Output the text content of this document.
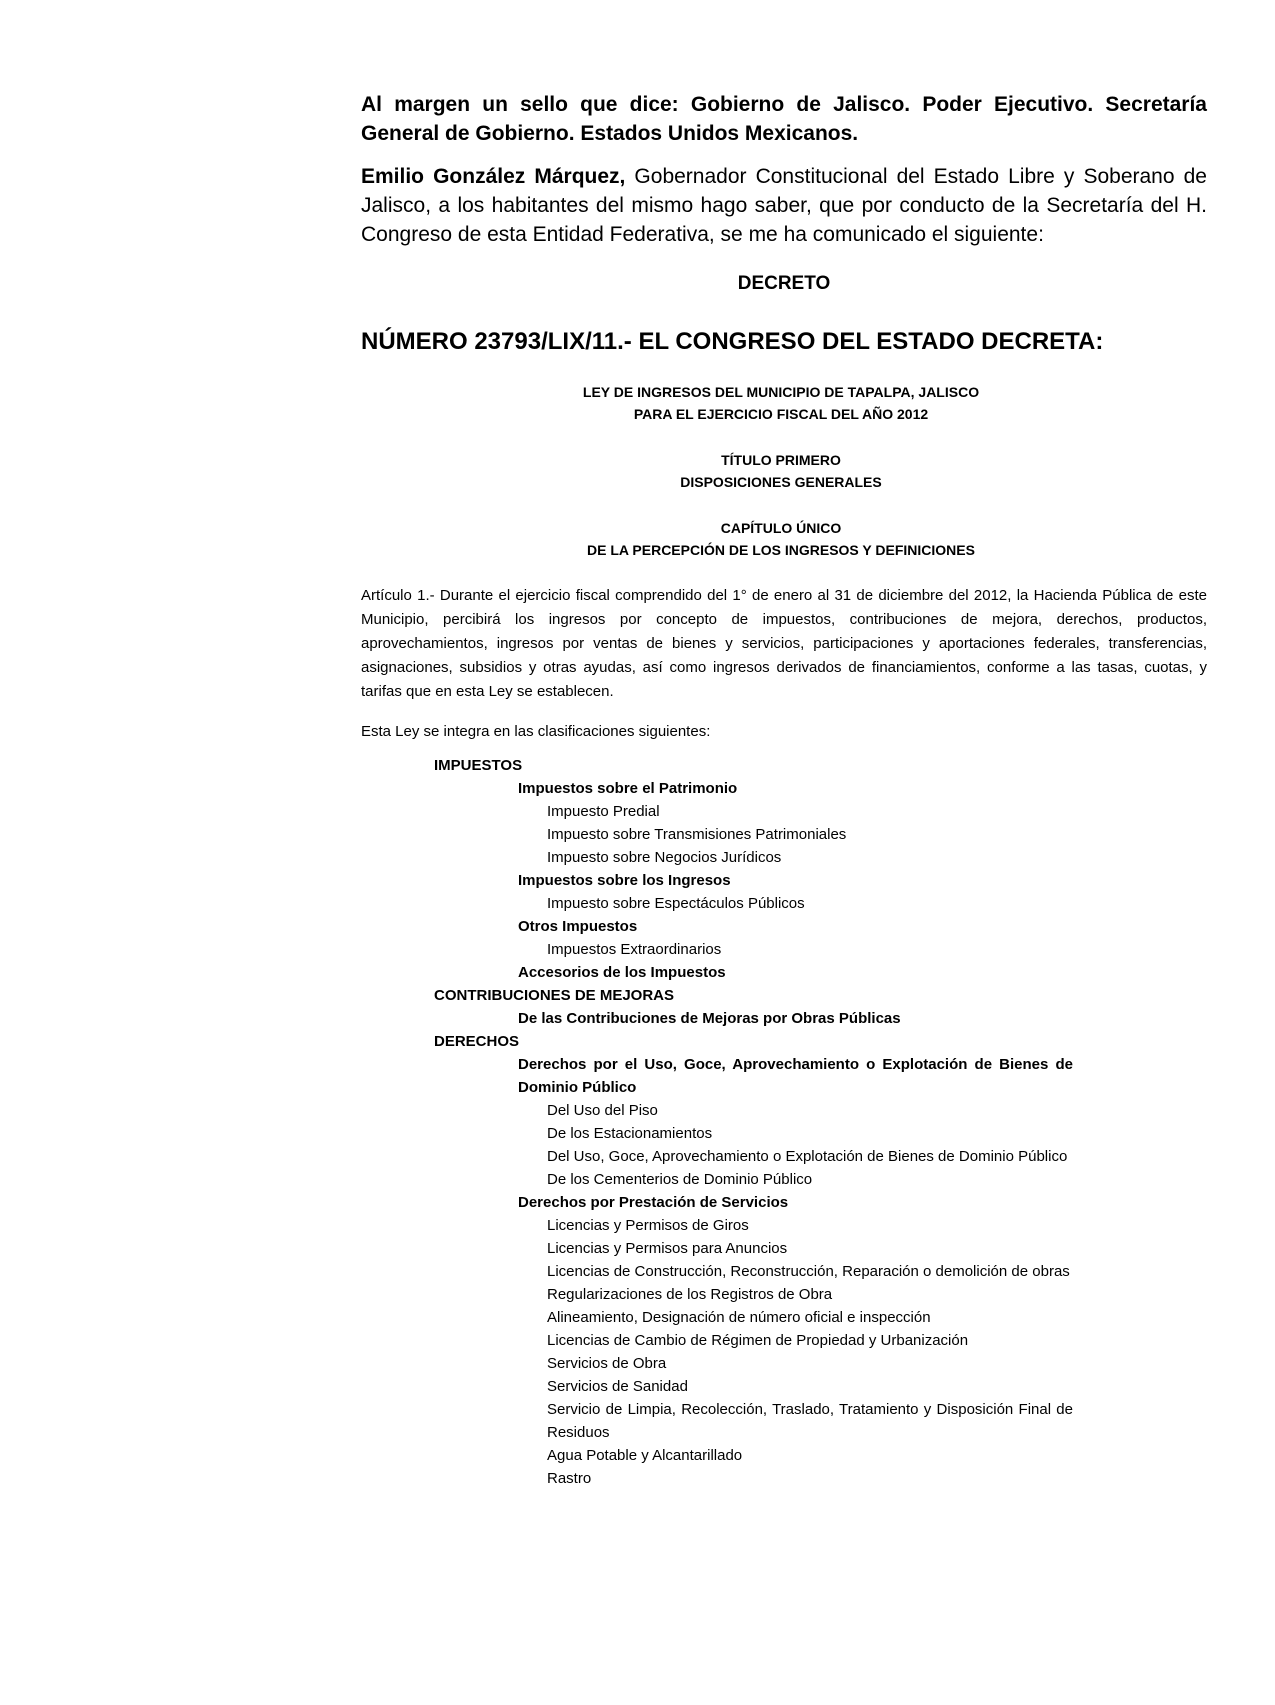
Al margen un sello que dice: Gobierno de Jalisco. Poder Ejecutivo. Secretaría General de Gobierno. Estados Unidos Mexicanos.

Emilio González Márquez, Gobernador Constitucional del Estado Libre y Soberano de Jalisco, a los habitantes del mismo hago saber, que por conducto de la Secretaría del H. Congreso de esta Entidad Federativa, se me ha comunicado el siguiente:

DECRETO

NÚMERO 23793/LIX/11.- EL CONGRESO DEL ESTADO DECRETA:

LEY DE INGRESOS DEL MUNICIPIO DE TAPALPA, JALISCO
PARA EL EJERCICIO FISCAL DEL AÑO 2012
TÍTULO PRIMERO
DISPOSICIONES GENERALES
CAPÍTULO ÚNICO
DE LA PERCEPCIÓN DE LOS INGRESOS Y DEFINICIONES

Artículo 1.- Durante el ejercicio fiscal comprendido del 1° de enero al 31 de diciembre del 2012, la Hacienda Pública de este Municipio, percibirá los ingresos por concepto de impuestos, contribuciones de mejora, derechos, productos, aprovechamientos, ingresos por ventas de bienes y servicios, participaciones y aportaciones federales, transferencias, asignaciones, subsidios y otras ayudas, así como ingresos derivados de financiamientos, conforme a las tasas, cuotas, y tarifas que en esta Ley se establecen.

Esta Ley se integra en las clasificaciones siguientes:

IMPUESTOS
Impuestos sobre el Patrimonio
Impuesto Predial
Impuesto sobre Transmisiones Patrimoniales
Impuesto sobre Negocios Jurídicos
Impuestos sobre los Ingresos
Impuesto sobre Espectáculos Públicos
Otros Impuestos
Impuestos Extraordinarios
Accesorios de los Impuestos
CONTRIBUCIONES DE MEJORAS
De las Contribuciones de Mejoras por Obras Públicas
DERECHOS
Derechos por el Uso, Goce, Aprovechamiento o Explotación de Bienes de Dominio Público
Del Uso del Piso
De los Estacionamientos
Del Uso, Goce, Aprovechamiento o Explotación de Bienes de Dominio Público
De los Cementerios de Dominio Público
Derechos por Prestación de Servicios
Licencias y Permisos de Giros
Licencias y Permisos para Anuncios
Licencias de Construcción, Reconstrucción, Reparación o demolición de obras
Regularizaciones de los Registros de Obra
Alineamiento, Designación de número oficial e inspección
Licencias de Cambio de Régimen de Propiedad y Urbanización
Servicios de Obra
Servicios de Sanidad
Servicio de Limpia, Recolección, Traslado, Tratamiento y Disposición Final de Residuos
Agua Potable y Alcantarillado
Rastro
